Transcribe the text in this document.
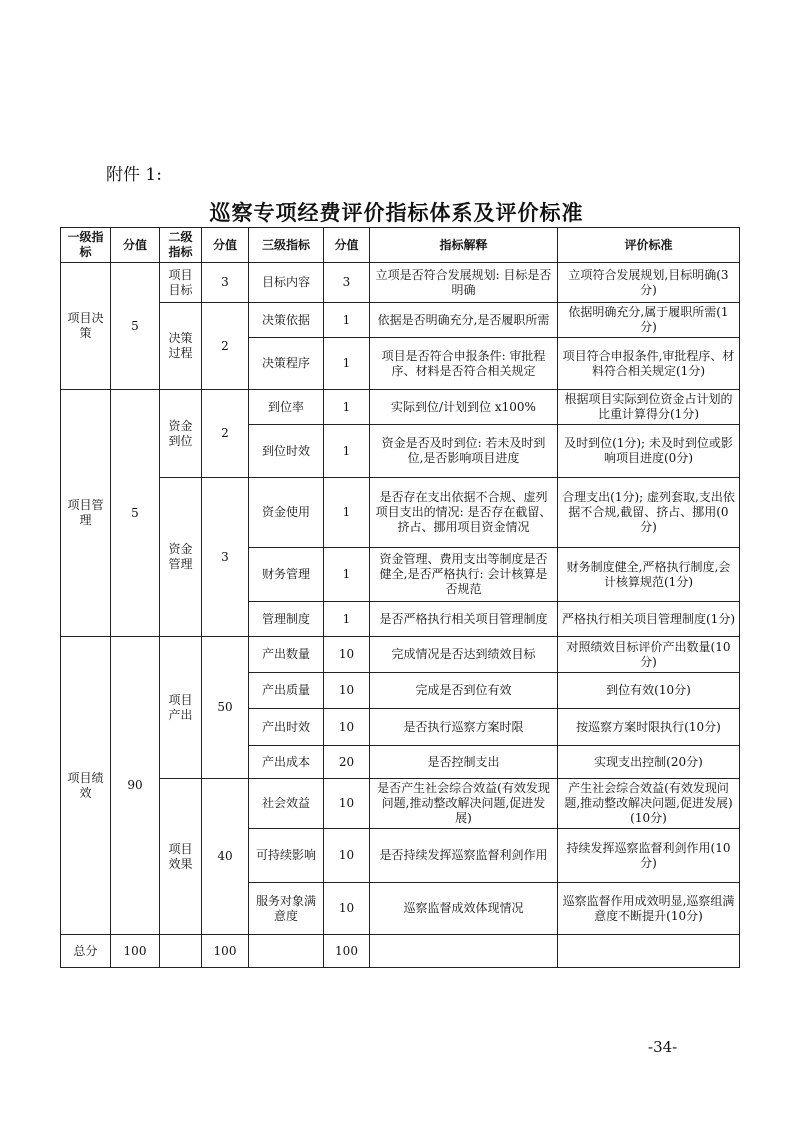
附件 1:
巡察专项经费评价指标体系及评价标准
一级指标	分值	二级指标	分值	三级指标	分值	指标解释	评价标准
项目决策	5	项目目标	3	目标内容	3	立项是否符合发展规划: 目标是否明确	立项符合发展规划,目标明确(3分)
		决策过程	2	决策依据	1	依据是否明确充分,是否履职所需	依据明确充分,属于履职所需(1分)
				决策程序	1	项目是否符合申报条件: 审批程序、材料是否符合相关规定	项目符合申报条件,审批程序、材料符合相关规定(1分)
项目管理	5	资金到位	2	到位率	1	实际到位/计划到位 x100%	根据项目实际到位资金占计划的比重计算得分(1分)
				到位时效	1	资金是否及时到位: 若未及时到位,是否影响项目进度	及时到位(1分); 未及时到位或影响项目进度(0分)
		资金管理	3	资金使用	1	是否存在支出依据不合规、虚列项目支出的情况: 是否存在截留、挤占、挪用项目资金情况	合理支出(1分); 虚列套取,支出依据不合规,截留、挤占、挪用(0分)
				财务管理	1	资金管理、费用支出等制度是否健全,是否严格执行: 会计核算是否规范	财务制度健全,严格执行制度,会计核算规范(1分)
				管理制度	1	是否严格执行相关项目管理制度	严格执行相关项目管理制度(1分)
项目绩效	90	项目产出	50	产出数量	10	完成情况是否达到绩效目标	对照绩效目标评价产出数量(10分)
				产出质量	10	完成是否到位有效	到位有效(10分)
				产出时效	10	是否执行巡察方案时限	按巡察方案时限执行(10分)
				产出成本	20	是否控制支出	实现支出控制(20分)
		项目效果	40	社会效益	10	是否产生社会综合效益(有效发现问题,推动整改解决问题,促进发展)	产生社会综合效益(有效发现问题,推动整改解决问题,促进发展)(10分)
				可持续影响	10	是否持续发挥巡察监督利剑作用	持续发挥巡察监督利剑作用(10分)
				服务对象满意度	10	巡察监督成效体现情况	巡察监督作用成效明显,巡察组满意度不断提升(10分)
总分	100		100		100		
-34-
